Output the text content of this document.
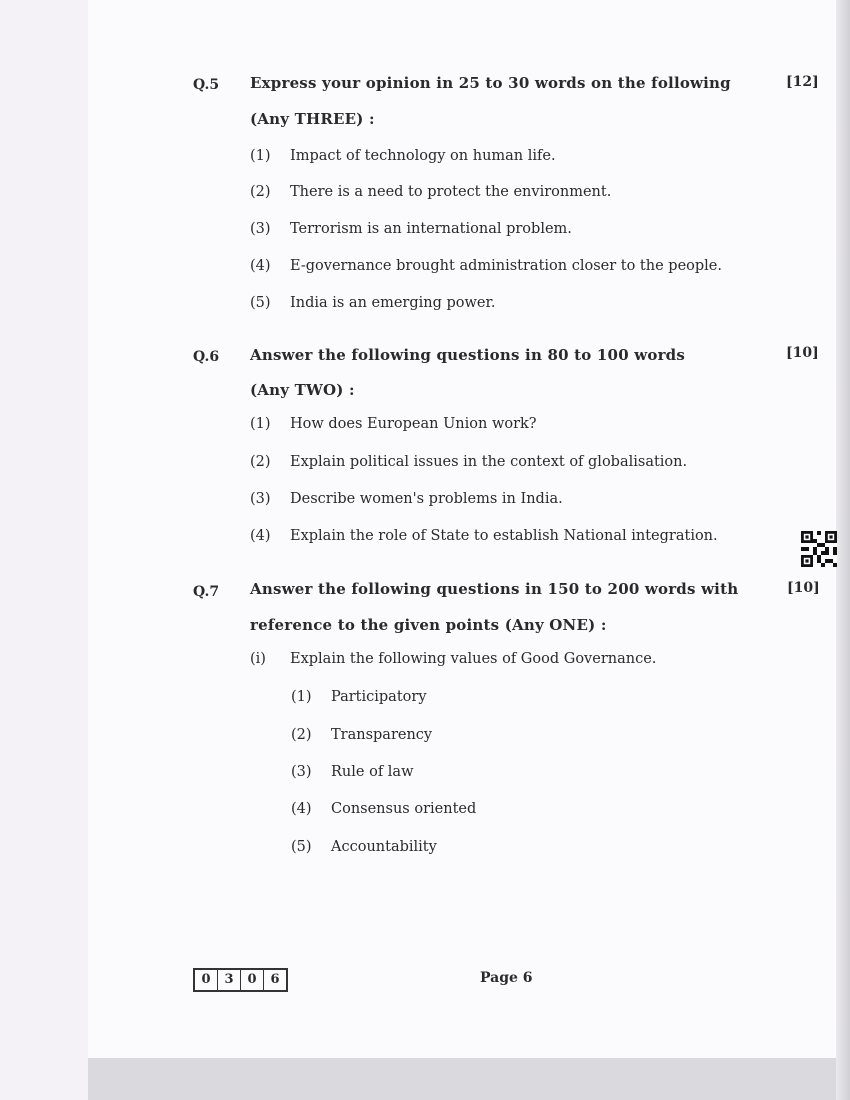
Q.5 Express your opinion in 25 to 30 words on the following
(Any THREE) :
[12]
(1) Impact of technology on human life.
(2) There is a need to protect the environment.
(3) Terrorism is an international problem.
(4) E-governance brought administration closer to the people.
(5) India is an emerging power.
Q.6 Answer the following questions in 80 to 100 words
(Any TWO) :
[10]
(1) How does European Union work?
(2) Explain political issues in the context of globalisation.
(3) Describe women's problems in India.
(4) Explain the role of State to establish National integration.
Q.7 Answer the following questions in 150 to 200 words with
reference to the given points (Any ONE) :
[10]
(i) Explain the following values of Good Governance.
(1) Participatory
(2) Transparency
(3) Rule of law
(4) Consensus oriented
(5) Accountability
0	3	0	6	Page 6
